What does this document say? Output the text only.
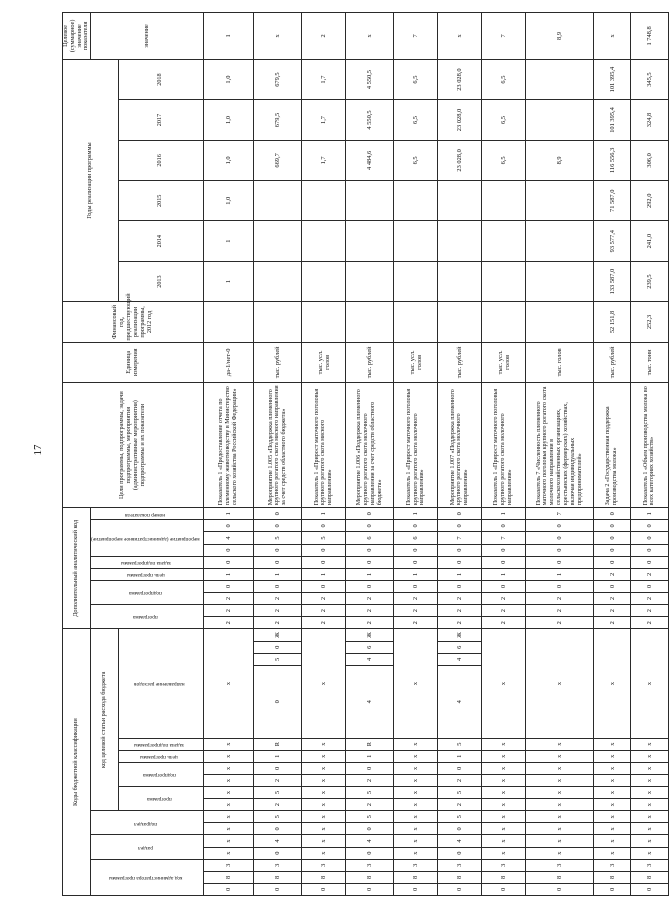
17
Коды бюджетной классификации																	Дополнительный аналитический код										Цели программы, подпрограммы, задачи подпрограммы, мероприятия (административные мероприятия) подпрограммы и их показатели	Единица измерения	Финансовый год, предшествующий реализации программы, 2012 год	Годы реализации программы						Целевое (суммарное) значение показателя
код администратора программы			раздел		подраздел		код целевой статьи расхода бюджета										программа		подпрограмма		цель программы	задача подпрограммы	мероприятие (административное мероприятие)			номер показателя										значение
							программа		подпрограмма		цель программы	задача подпрограммы	направление расходов																	2013	2014	2015	2016	2017	2018	
0	8	3	х	х	х	х	х	х	х	х	х	х	х				2	2	2	0	1	0	0	4	0	1	Показатель 1 «Предоставление отчета по племенному животноводству в Министерство сельского хозяйства Российской Федерации»	да-1/нет-0		1	1	1,0	1,0	1,0	1,0	1
0	8	3	0	4	0	5	2	5	2	0	1	R	0	5	0	Ж	2	2	2	0	1	0	0	5	0	0	Мероприятие 1.005 «Поддержка племенного крупного рогатого скота мясного направления за счет средств областного бюджета»	тыс. рублей					669,7	679,5	679,5	х
0	8	3	х	х	х	х	х	х	х	х	х	х	х				2	2	2	0	1	0	0	5	0	1	Показатель 1 «Прирост маточного поголовья крупного рогатого скота мясного направления»	тыс. усл. голов					1,7	1,7	1,7	2
0	8	3	0	4	0	5	2	5	2	0	1	R	4	4	6	Ж	2	2	2	0	1	0	0	6	0	0	Мероприятие 1.006 «Поддержка племенного крупного рогатого скота молочного направления за счет средств областного бюджета»	тыс. рублей					4 484,6	4 550,5	4 550,5	х
0	8	3	х	х	х	х	х	х	х	х	х	х	х				2	2	2	0	1	0	0	6	0	1	Показатель 1 «Прирост маточного поголовья крупного рогатого скота молочного направления»	тыс. усл. голов					6,5	6,5	6,5	7
0	8	3	0	4	0	5	2	5	2	0	1	5	4	4	6	Ж	2	2	2	0	1	0	0	7	0	0	Мероприятие 1.007 «Поддержка племенного крупного рогатого скота молочного направления»	тыс. рублей					23 028,0	23 028,0	23 028,0	х
0	8	3	х	х	х	х	х	х	х	х	х	х	х				2	2	2	0	1	0	0	7	0	1	Показатель 1 «Прирост маточного поголовья крупного рогатого скота молочного направления»	тыс. усл. голов					6,5	6,5	6,5	7
0	8	3	х	х	х	х	х	х	х	х	х	х	х				2	2	2	0	1	0	0	0	0	7	Показатель 7 «Численность племенного маточного поголовья крупного рогатого скота молочного направления в сельскохозяйственных организациях, крестьянских (фермерских) хозяйствах, включая индивидуальных предпринимателей»	тыс. голов					8,9			8,9
0	8	3	х	х	х	х	х	х	х	х	х	х	х				2	2	2	0	2	0	0	0	0	0	Задача 2 «Государственная поддержка производства молока»	тыс. рублей	52 151,8	133 587,0	93 577,4	71 587,0	116 556,3	101 395,4	101 395,4	х
0	8	3	х	х	х	х	х	х	х	х	х	х	х				2	2	2	0	2	0	0	0	0	1	Показатель 1 «Объем производства молока во всех категориях хозяйств»	тыс. тонн	252,3	239,5	241,0	292,0	306,0	324,8	345,5	1 748,8
